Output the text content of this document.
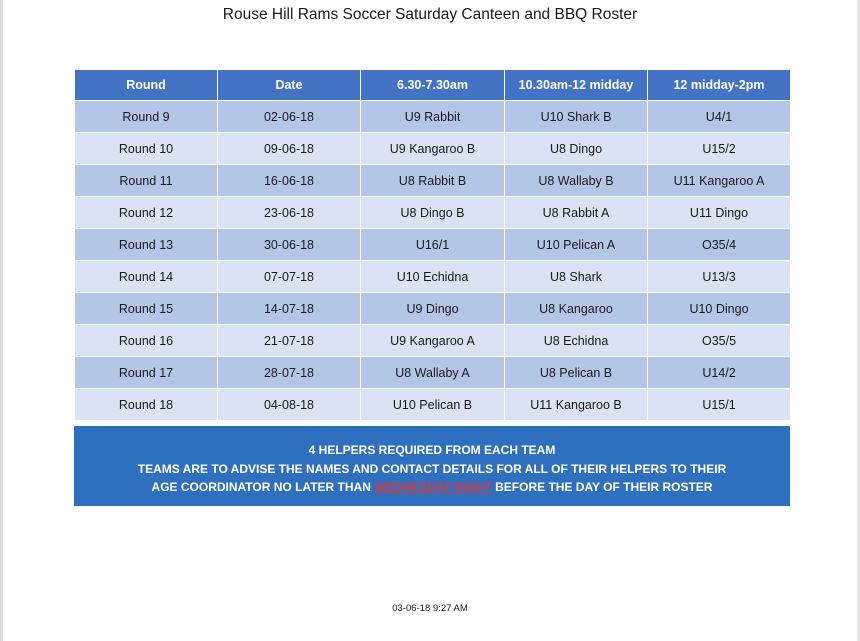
Rouse Hill Rams Soccer Saturday Canteen and BBQ Roster
Round	Date	6.30-7.30am	10.30am-12 midday	12 midday-2pm
Round 9	02-06-18	U9 Rabbit	U10 Shark B	U4/1
Round 10	09-06-18	U9 Kangaroo B	U8 Dingo	U15/2
Round 11	16-06-18	U8 Rabbit B	U8 Wallaby B	U11 Kangaroo A
Round 12	23-06-18	U8 Dingo B	U8 Rabbit A	U11 Dingo
Round 13	30-06-18	U16/1	U10 Pelican A	O35/4
Round 14	07-07-18	U10 Echidna	U8 Shark	U13/3
Round 15	14-07-18	U9 Dingo	U8 Kangaroo	U10 Dingo
Round 16	21-07-18	U9 Kangaroo A	U8 Echidna	O35/5
Round 17	28-07-18	U8 Wallaby A	U8 Pelican B	U14/2
Round 18	04-08-18	U10 Pelican B	U11 Kangaroo B	U15/1
4 HELPERS REQUIRED FROM EACH TEAM
TEAMS ARE TO ADVISE THE NAMES AND CONTACT DETAILS FOR ALL OF THEIR HELPERS TO THEIR
AGE COORDINATOR NO LATER THAN WEDNESDAY NIGHT BEFORE THE DAY OF THEIR ROSTER
03-06-18 9:27 AM
